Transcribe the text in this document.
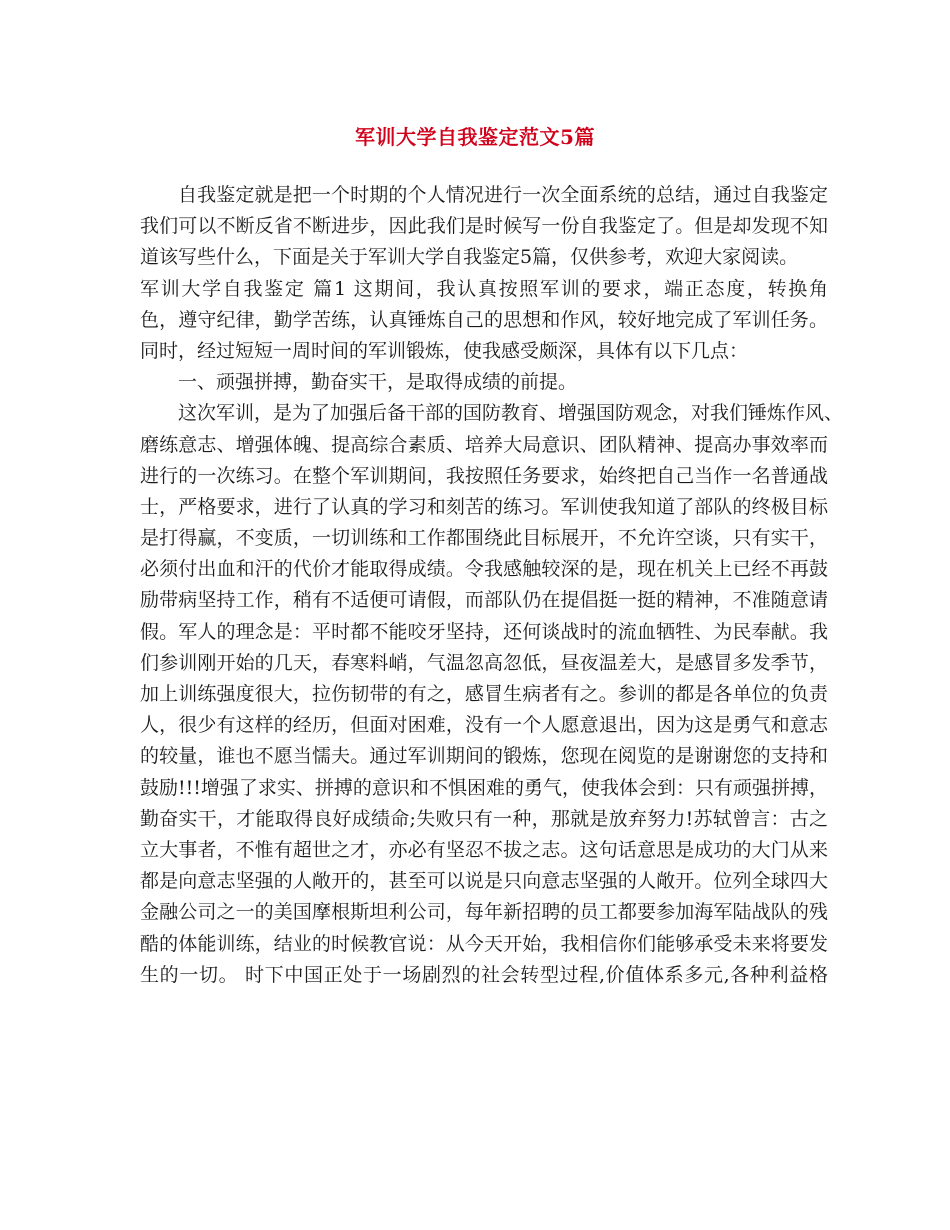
军训大学自我鉴定范文5篇
自我鉴定就是把一个时期的个人情况进行一次全面系统的总结，通过自我鉴定
我们可以不断反省不断进步，因此我们是时候写一份自我鉴定了。但是却发现不知
道该写些什么，下面是关于军训大学自我鉴定5篇，仅供参考，欢迎大家阅读。
军训大学自我鉴定 篇1 这期间，我认真按照军训的要求，端正态度，转换角
色，遵守纪律，勤学苦练，认真锤炼自己的思想和作风，较好地完成了军训任务。
同时，经过短短一周时间的军训锻炼，使我感受颇深，具体有以下几点：
一、顽强拼搏，勤奋实干，是取得成绩的前提。
这次军训，是为了加强后备干部的国防教育、增强国防观念，对我们锤炼作风、
磨练意志、增强体魄、提高综合素质、培养大局意识、团队精神、提高办事效率而
进行的一次练习。在整个军训期间，我按照任务要求，始终把自己当作一名普通战
士，严格要求，进行了认真的学习和刻苦的练习。军训使我知道了部队的终极目标
是打得赢，不变质，一切训练和工作都围绕此目标展开，不允许空谈，只有实干，
必须付出血和汗的代价才能取得成绩。令我感触较深的是，现在机关上已经不再鼓
励带病坚持工作，稍有不适便可请假，而部队仍在提倡挺一挺的精神，不准随意请
假。军人的理念是：平时都不能咬牙坚持，还何谈战时的流血牺牲、为民奉献。我
们参训刚开始的几天，春寒料峭，气温忽高忽低，昼夜温差大，是感冒多发季节，
加上训练强度很大，拉伤韧带的有之，感冒生病者有之。参训的都是各单位的负责
人，很少有这样的经历，但面对困难，没有一个人愿意退出，因为这是勇气和意志
的较量，谁也不愿当懦夫。通过军训期间的锻炼，您现在阅览的是谢谢您的支持和
鼓励!!!增强了求实、拼搏的意识和不惧困难的勇气，使我体会到：只有顽强拼搏，
勤奋实干，才能取得良好成绩命;失败只有一种，那就是放弃努力!苏轼曾言：古之
立大事者，不惟有超世之才，亦必有坚忍不拔之志。这句话意思是成功的大门从来
都是向意志坚强的人敞开的，甚至可以说是只向意志坚强的人敞开。位列全球四大
金融公司之一的美国摩根斯坦利公司，每年新招聘的员工都要参加海军陆战队的残
酷的体能训练，结业的时候教官说：从今天开始，我相信你们能够承受未来将要发
生的一切。 时下中国正处于一场剧烈的社会转型过程,价值体系多元,各种利益格
